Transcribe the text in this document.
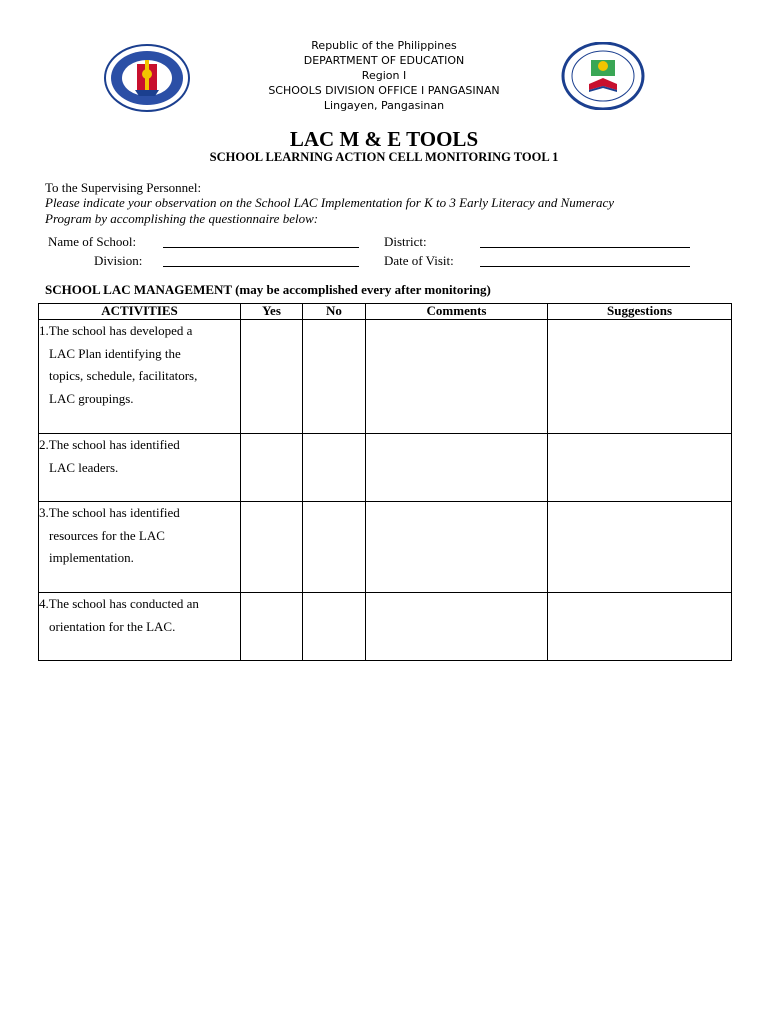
Republic of the Philippines
DEPARTMENT OF EDUCATION
Region I
SCHOOLS DIVISION OFFICE I PANGASINAN
Lingayen, Pangasinan
LAC M & E TOOLS
SCHOOL LEARNING ACTION CELL MONITORING TOOL 1
To the Supervising Personnel:
Please indicate your observation on the School LAC Implementation for K to 3 Early Literacy and Numeracy
Program by accomplishing the questionnaire below:
Name of School:	District:
Division:	Date of Visit:
SCHOOL LAC MANAGEMENT (may be accomplished every after monitoring)
ACTIVITIES	Yes	No	Comments	Suggestions
1.The school has developed a
LAC Plan identifying the
topics, schedule, facilitators,
LAC groupings.				

2.The school has identified
LAC leaders.				

3.The school has identified
resources for the LAC
implementation.				

4.The school has conducted an
orientation for the LAC.				
